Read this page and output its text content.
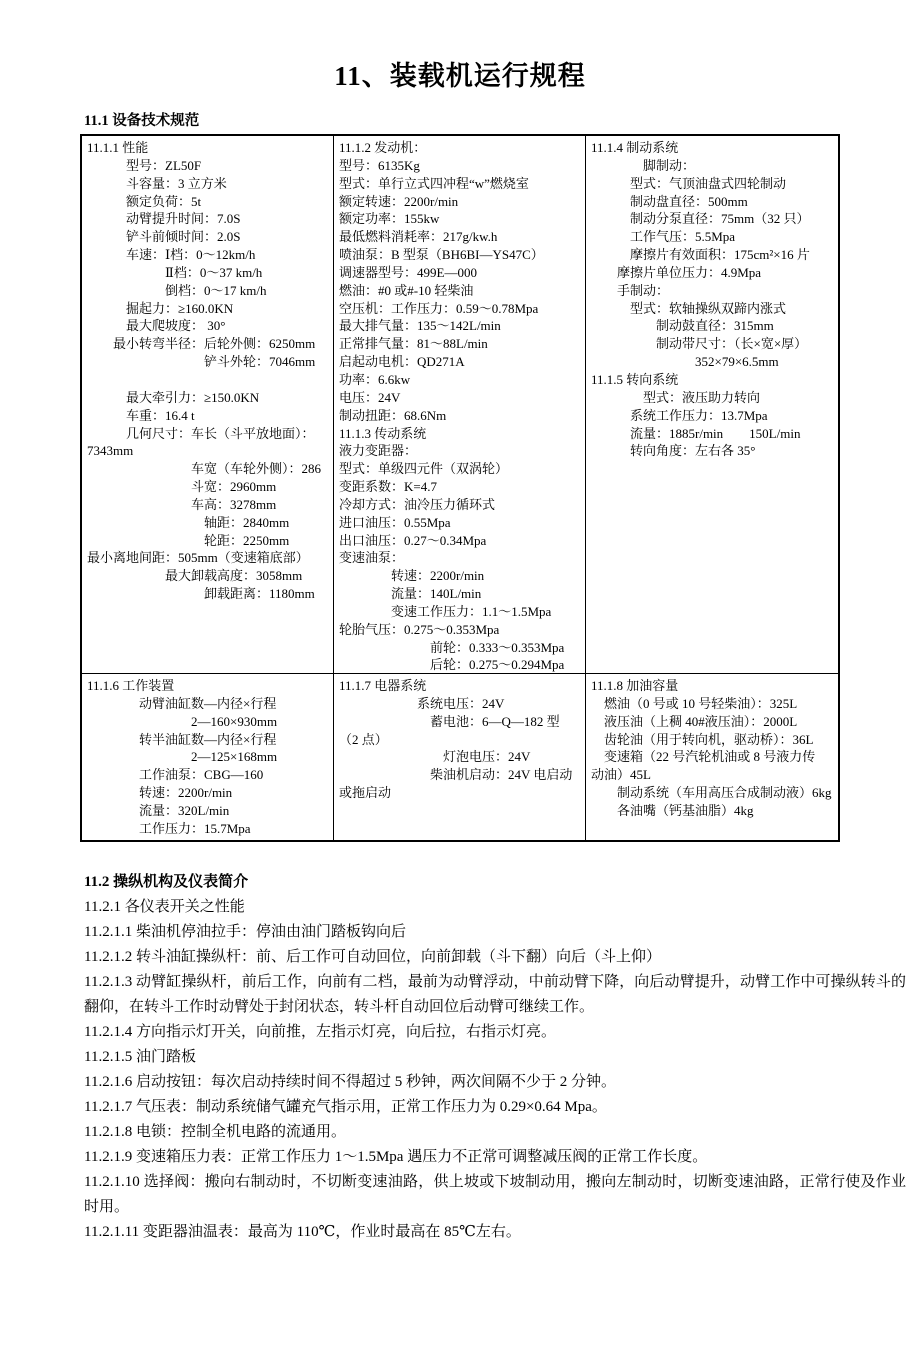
11、装载机运行规程
11.1 设备技术规范
11.1.1 性能
　　　型号：ZL50F
　　　斗容量：3 立方米
　　　额定负荷：5t
　　　动臂提升时间：7.0S
　　　铲斗前倾时间：2.0S
　　　车速：Ⅰ档：0～12km/h
　　　　　　Ⅱ档：0～37 km/h
　　　　　　倒档：0～17 km/h
　　　掘起力：≥160.0KN
　　　最大爬坡度： 30°
　　最小转弯半径：后轮外侧：6250mm
　　　　　　　　　铲斗外轮：7046mm

　　　最大牵引力：≥150.0KN
　　　车重：16.4 t
　　　几何尺寸：车长（斗平放地面）：
7343mm
　　　　　　　　车宽（车轮外侧）：286
　　　　　　　　斗宽：2960mm
　　　　　　　　车高：3278mm
　　　　　　　　　轴距：2840mm
　　　　　　　　　轮距：2250mm
最小离地间距：505mm（变速箱底部）
　　　　　　最大卸载高度：3058mm
　　　　　　　　　卸载距离：1180mm
11.1.2 发动机：
型号：6135Kg
型式：单行立式四冲程“w”燃烧室
额定转速：2200r/min
额定功率：155kw
最低燃料消耗率：217g/kw.h
喷油泵：B 型泵（BH6BI—YS47C）
调速器型号：499E—000
燃油：#0 或#-10 轻柴油
空压机：工作压力：0.59～0.78Mpa
最大排气量：135～142L/min
正常排气量：81～88L/min
启起动电机：QD271A
功率：6.6kw
电压：24V
制动扭距：68.6Nm
11.1.3 传动系统
液力变距器：
型式：单级四元件（双涡轮）
变距系数：K=4.7
冷却方式：油冷压力循环式
进口油压：0.55Mpa
出口油压：0.27～0.34Mpa
变速油泵：
　　　　转速：2200r/min
　　　　流量：140L/min
　　　　变速工作压力：1.1～1.5Mpa
轮胎气压：0.275～0.353Mpa
　　　　　　　前轮：0.333～0.353Mpa
　　　　　　　后轮：0.275～0.294Mpa
11.1.4 制动系统
　　　　脚制动：
　　　型式：气顶油盘式四轮制动
　　　制动盘直径：500mm
　　　制动分泵直径：75mm（32 只）
　　　工作气压：5.5Mpa
　　　摩擦片有效面积：175cm²×16 片
　　摩擦片单位压力：4.9Mpa
　　手制动：
　　　型式：软轴操纵双蹄内涨式
　　　　　制动鼓直径：315mm
　　　　　制动带尺寸：（长×宽×厚）
　　　　　　　　352×79×6.5mm
11.1.5 转向系统
　　　　型式：液压助力转向
　　　系统工作压力：13.7Mpa
　　　流量：1885r/min　　150L/min
　　　转向角度：左右各 35°
11.1.6 工作装置
　　　　动臂油缸数—内径×行程
　　　　　　　　2—160×930mm
　　　　转半油缸数—内径×行程
　　　　　　　　2—125×168mm
　　　　工作油泵：CBG—160
　　　　转速：2200r/min
　　　　流量：320L/min
　　　　工作压力：15.7Mpa
11.1.7 电器系统
　　　　　　系统电压：24V
　　　　　　　蓄电池：6—Q—182 型
（2 点）
　　　　　　　　灯泡电压：24V
　　　　　　　柴油机启动：24V 电启动
或拖启动
11.1.8 加油容量
　燃油（0 号或 10 号轻柴油）：325L
　液压油（上稠 40#液压油）：2000L
　齿轮油（用于转向机，驱动桥）：36L
　变速箱（22 号汽轮机油或 8 号液力传
动油）45L
　　制动系统（车用高压合成制动液）6kg
　　各油嘴（钙基油脂）4kg
11.2 操纵机构及仪表简介

11.2.1 各仪表开关之性能

11.2.1.1 柴油机停油拉手：停油由油门踏板钩向后

11.2.1.2 转斗油缸操纵杆：前、后工作可自动回位，向前卸载（斗下翻）向后（斗上仰）

11.2.1.3 动臂缸操纵杆，前后工作，向前有二档，最前为动臂浮动，中前动臂下降，向后动臂提升，动臂工作中可操纵转斗的翻仰，在转斗工作时动臂处于封闭状态，转斗杆自动回位后动臂可继续工作。

11.2.1.4 方向指示灯开关，向前推，左指示灯亮，向后拉，右指示灯亮。

11.2.1.5 油门踏板

11.2.1.6 启动按钮：每次启动持续时间不得超过 5 秒钟，两次间隔不少于 2 分钟。

11.2.1.7 气压表：制动系统储气罐充气指示用，正常工作压力为 0.29×0.64 Mpa。

11.2.1.8 电锁：控制全机电路的流通用。

11.2.1.9 变速箱压力表：正常工作压力 1～1.5Mpa 遇压力不正常可调整减压阀的正常工作长度。

11.2.1.10 选择阀：搬向右制动时，不切断变速油路，供上坡或下坡制动用，搬向左制动时，切断变速油路，正常行使及作业时用。

11.2.1.11 变距器油温表：最高为 110℃，作业时最高在 85℃左右。
